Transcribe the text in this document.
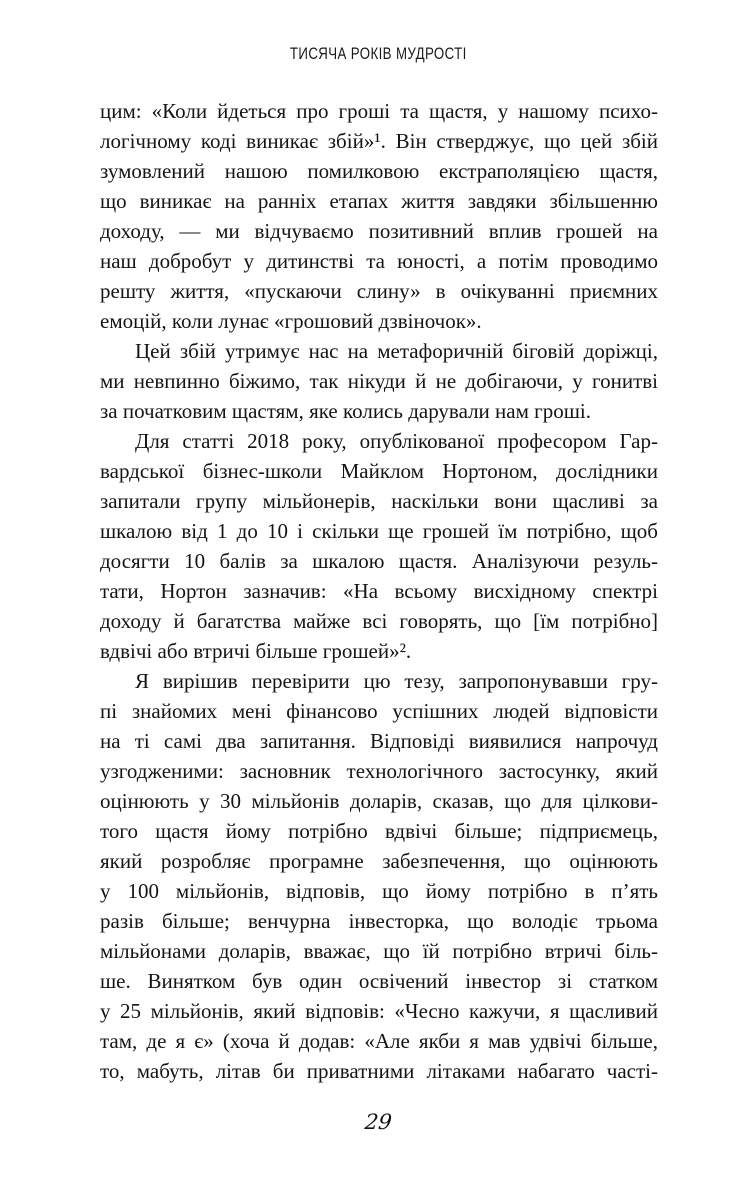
ТИСЯЧА РОКІВ МУДРОСТІ
цим: «Коли йдеться про гроші та щастя, у нашому психо-
логічному коді виникає збій»¹. Він стверджує, що цей збій
зумовлений нашою помилковою екстраполяцією щастя,
що виникає на ранніх етапах життя завдяки збільшенню
доходу, — ми відчуваємо позитивний вплив грошей на
наш добробут у дитинстві та юності, а потім проводимо
решту життя, «пускаючи слину» в очікуванні приємних
емоцій, коли лунає «грошовий дзвіночок».
Цей збій утримує нас на метафоричній біговій доріжці,
ми невпинно біжимо, так нікуди й не добігаючи, у гонитві
за початковим щастям, яке колись дарували нам гроші.
Для статті 2018 року, опублікованої професором Гар-
вардської бізнес-школи Майклом Нортоном, дослідники
запитали групу мільйонерів, наскільки вони щасливі за
шкалою від 1 до 10 і скільки ще грошей їм потрібно, щоб
досягти 10 балів за шкалою щастя. Аналізуючи резуль-
тати, Нортон зазначив: «На всьому висхідному спектрі
доходу й багатства майже всі говорять, що [їм потрібно]
вдвічі або втричі більше грошей»².
Я вирішив перевірити цю тезу, запропонувавши гру-
пі знайомих мені фінансово успішних людей відповісти
на ті самі два запитання. Відповіді виявилися напрочуд
узгодженими: засновник технологічного застосунку, який
оцінюють у 30 мільйонів доларів, сказав, що для цілкови-
того щастя йому потрібно вдвічі більше; підприємець,
який розробляє програмне забезпечення, що оцінюють
у 100 мільйонів, відповів, що йому потрібно в п’ять
разів більше; венчурна інвесторка, що володіє трьома
мільйонами доларів, вважає, що їй потрібно втричі біль-
ше. Винятком був один освічений інвестор зі статком
у 25 мільйонів, який відповів: «Чесно кажучи, я щасливий
там, де я є» (хоча й додав: «Але якби я мав удвічі більше,
то, мабуть, літав би приватними літаками набагато часті-
29
